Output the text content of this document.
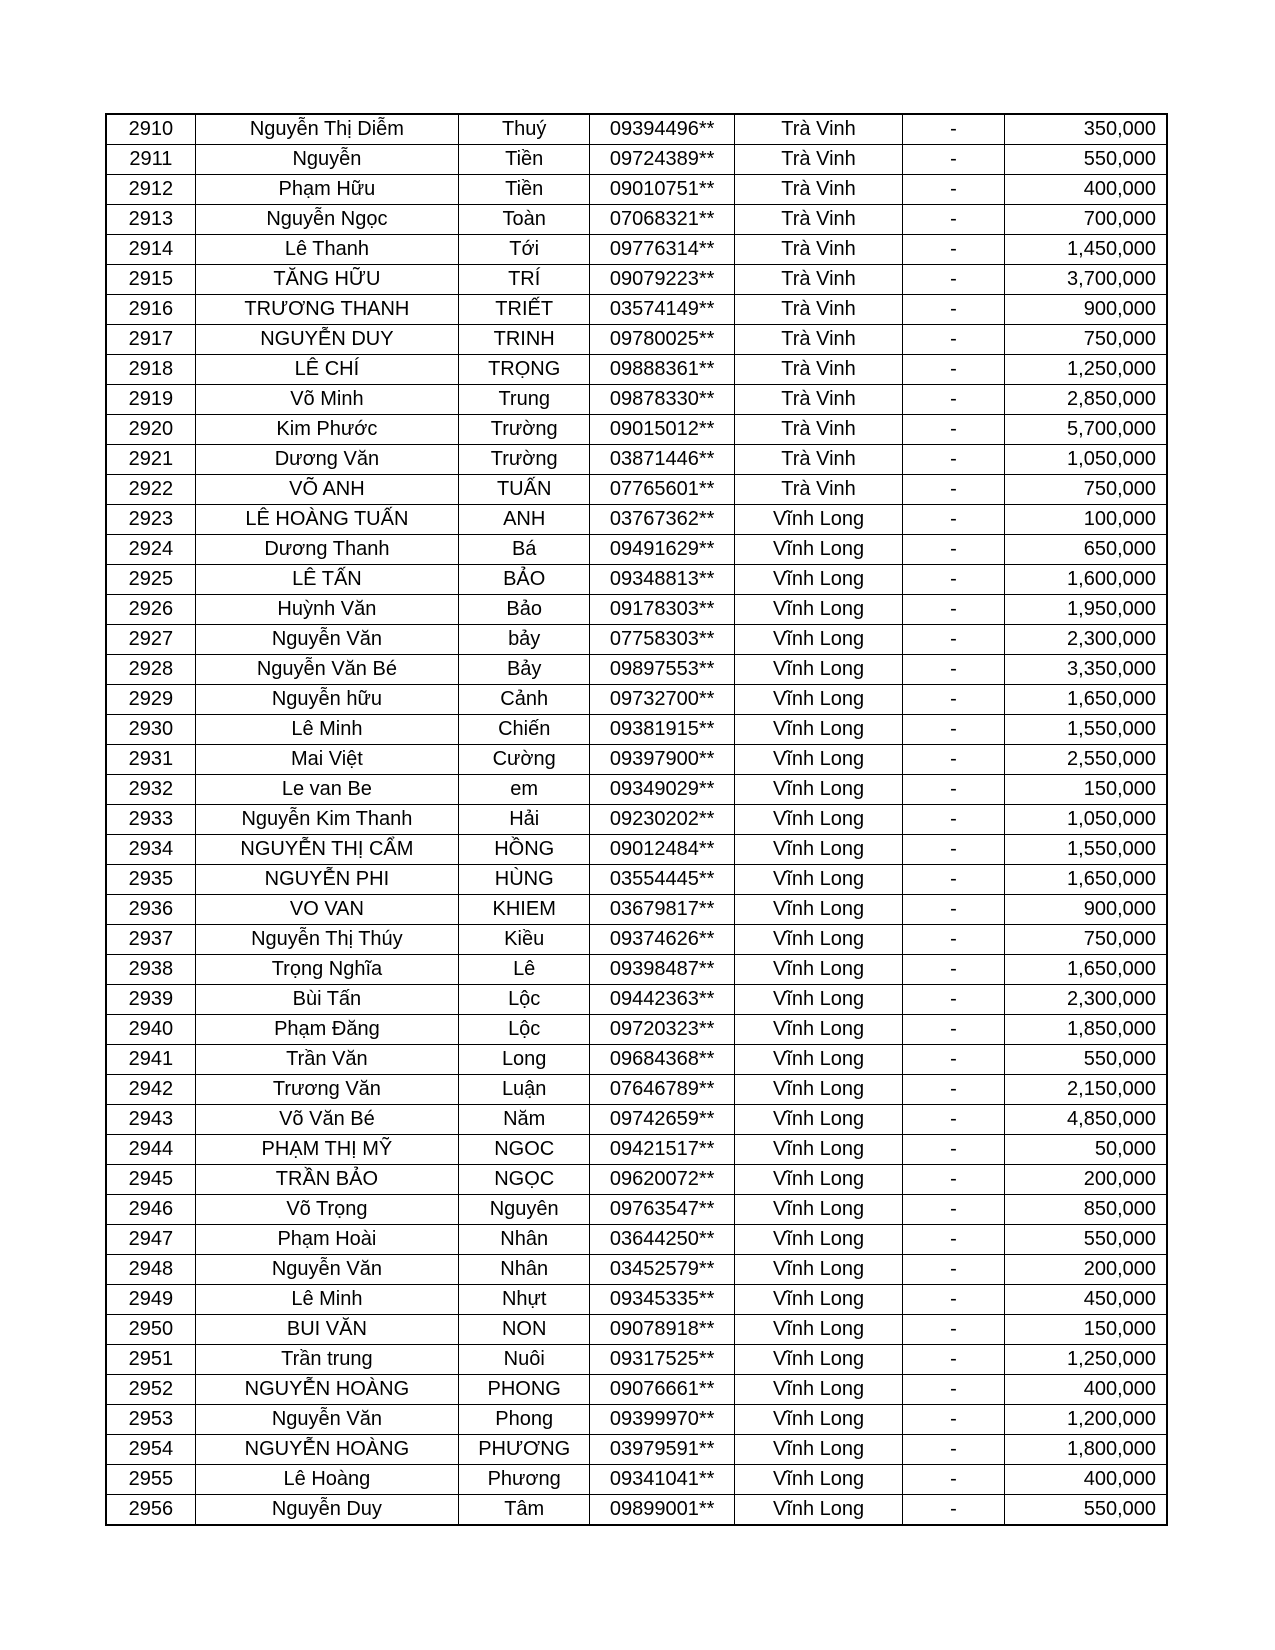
2910	Nguyễn Thị Diễm	Thuý	09394496**	Trà Vinh	-	350,000
2911	Nguyễn	Tiền	09724389**	Trà Vinh	-	550,000
2912	Phạm Hữu	Tiền	09010751**	Trà Vinh	-	400,000
2913	Nguyễn Ngọc	Toàn	07068321**	Trà Vinh	-	700,000
2914	Lê Thanh	Tới	09776314**	Trà Vinh	-	1,450,000
2915	TĂNG HỮU	TRÍ	09079223**	Trà Vinh	-	3,700,000
2916	TRƯƠNG THANH	TRIẾT	03574149**	Trà Vinh	-	900,000
2917	NGUYỄN DUY	TRINH	09780025**	Trà Vinh	-	750,000
2918	LÊ CHÍ	TRỌNG	09888361**	Trà Vinh	-	1,250,000
2919	Võ Minh	Trung	09878330**	Trà Vinh	-	2,850,000
2920	Kim Phước	Trường	09015012**	Trà Vinh	-	5,700,000
2921	Dương Văn	Trường	03871446**	Trà Vinh	-	1,050,000
2922	VÕ ANH	TUẤN	07765601**	Trà Vinh	-	750,000
2923	LÊ HOÀNG TUẤN	ANH	03767362**	Vĩnh Long	-	100,000
2924	Dương Thanh	Bá	09491629**	Vĩnh Long	-	650,000
2925	LÊ TẤN	BẢO	09348813**	Vĩnh Long	-	1,600,000
2926	Huỳnh Văn	Bảo	09178303**	Vĩnh Long	-	1,950,000
2927	Nguyễn Văn	bảy	07758303**	Vĩnh Long	-	2,300,000
2928	Nguyễn Văn Bé	Bảy	09897553**	Vĩnh Long	-	3,350,000
2929	Nguyễn hữu	Cảnh	09732700**	Vĩnh Long	-	1,650,000
2930	Lê Minh	Chiến	09381915**	Vĩnh Long	-	1,550,000
2931	Mai Việt	Cường	09397900**	Vĩnh Long	-	2,550,000
2932	Le van Be	em	09349029**	Vĩnh Long	-	150,000
2933	Nguyễn Kim Thanh	Hải	09230202**	Vĩnh Long	-	1,050,000
2934	NGUYỄN THỊ CẨM	HỒNG	09012484**	Vĩnh Long	-	1,550,000
2935	NGUYỄN PHI	HÙNG	03554445**	Vĩnh Long	-	1,650,000
2936	VO VAN	KHIEM	03679817**	Vĩnh Long	-	900,000
2937	Nguyễn Thị Thúy	Kiều	09374626**	Vĩnh Long	-	750,000
2938	Trọng Nghĩa	Lê	09398487**	Vĩnh Long	-	1,650,000
2939	Bùi Tấn	Lộc	09442363**	Vĩnh Long	-	2,300,000
2940	Phạm Đăng	Lộc	09720323**	Vĩnh Long	-	1,850,000
2941	Trần Văn	Long	09684368**	Vĩnh Long	-	550,000
2942	Trương Văn	Luận	07646789**	Vĩnh Long	-	2,150,000
2943	Võ Văn Bé	Năm	09742659**	Vĩnh Long	-	4,850,000
2944	PHẠM THỊ MỸ	NGOC	09421517**	Vĩnh Long	-	50,000
2945	TRẦN BẢO	NGỌC	09620072**	Vĩnh Long	-	200,000
2946	Võ Trọng	Nguyên	09763547**	Vĩnh Long	-	850,000
2947	Phạm Hoài	Nhân	03644250**	Vĩnh Long	-	550,000
2948	Nguyễn Văn	Nhân	03452579**	Vĩnh Long	-	200,000
2949	Lê Minh	Nhựt	09345335**	Vĩnh Long	-	450,000
2950	BUI VĂN	NON	09078918**	Vĩnh Long	-	150,000
2951	Trần trung	Nuôi	09317525**	Vĩnh Long	-	1,250,000
2952	NGUYỄN HOÀNG	PHONG	09076661**	Vĩnh Long	-	400,000
2953	Nguyễn Văn	Phong	09399970**	Vĩnh Long	-	1,200,000
2954	NGUYỄN HOÀNG	PHƯƠNG	03979591**	Vĩnh Long	-	1,800,000
2955	Lê Hoàng	Phương	09341041**	Vĩnh Long	-	400,000
2956	Nguyễn Duy	Tâm	09899001**	Vĩnh Long	-	550,000
